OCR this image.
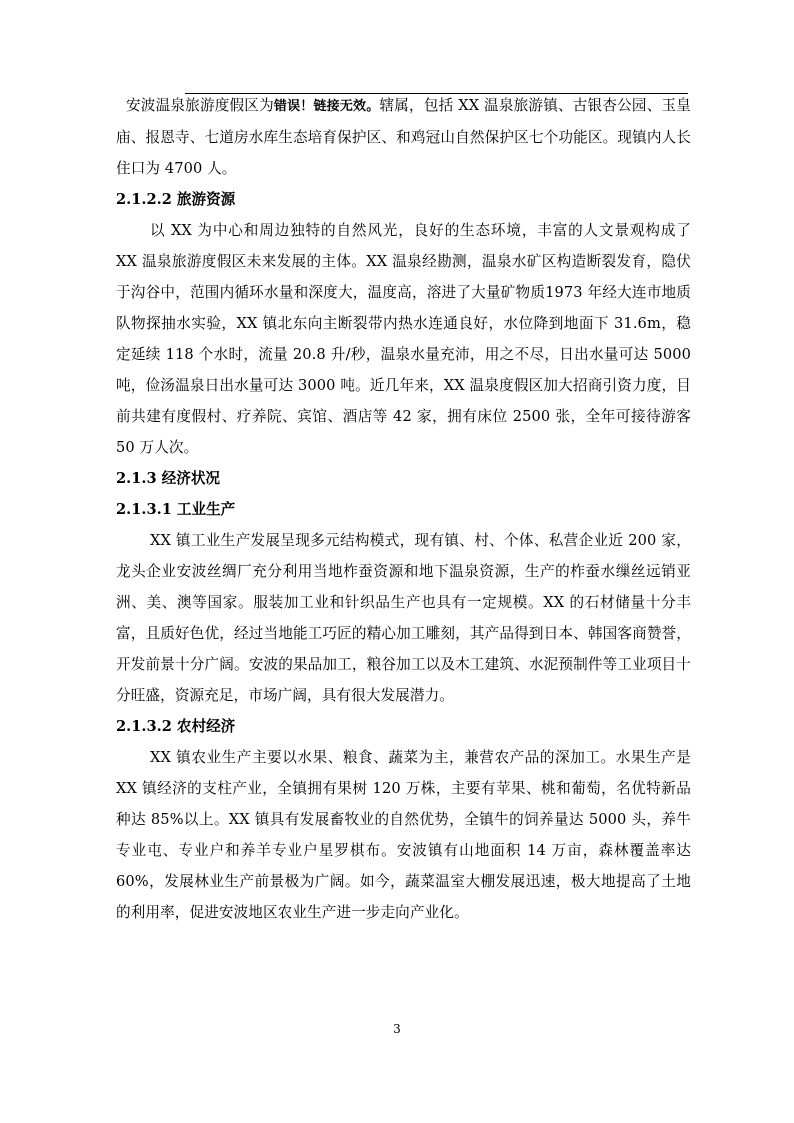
安波温泉旅游度假区为错误！链接无效。辖属，包括 XX 温泉旅游镇、古银杏公园、玉皇庙、报恩寺、七道房水库生态培育保护区、和鸡冠山自然保护区七个功能区。现镇内人长住口为 4700 人。

2.1.2.2 旅游资源

以 XX 为中心和周边独特的自然风光，良好的生态环境，丰富的人文景观构成了 XX 温泉旅游度假区未来发展的主体。XX 温泉经勘测，温泉水矿区构造断裂发育，隐伏于沟谷中，范围内循环水量和深度大，温度高，溶进了大量矿物质1973 年经大连市地质队物探抽水实验，XX 镇北东向主断裂带内热水连通良好，水位降到地面下 31.6m，稳定延续 118 个水时，流量 20.8 升/秒，温泉水量充沛，用之不尽，日出水量可达 5000 吨，俭汤温泉日出水量可达 3000 吨。近几年来，XX 温泉度假区加大招商引资力度，目前共建有度假村、疗养院、宾馆、酒店等 42 家，拥有床位 2500 张，全年可接待游客 50 万人次。

2.1.3 经济状况

2.1.3.1 工业生产

XX 镇工业生产发展呈现多元结构模式，现有镇、村、个体、私营企业近 200 家，龙头企业安波丝绸厂充分利用当地柞蚕资源和地下温泉资源，生产的柞蚕水缫丝远销亚洲、美、澳等国家。服装加工业和针织品生产也具有一定规模。XX 的石材储量十分丰富，且质好色优，经过当地能工巧匠的精心加工雕刻，其产品得到日本、韩国客商赞誉，开发前景十分广阔。安波的果品加工，粮谷加工以及木工建筑、水泥预制件等工业项目十分旺盛，资源充足，市场广阔，具有很大发展潜力。

2.1.3.2 农村经济

XX 镇农业生产主要以水果、粮食、蔬菜为主，兼营农产品的深加工。水果生产是 XX 镇经济的支柱产业，全镇拥有果树 120 万株，主要有苹果、桃和葡萄，名优特新品种达 85%以上。XX 镇具有发展畜牧业的自然优势，全镇牛的饲养量达 5000 头，养牛专业屯、专业户和养羊专业户星罗棋布。安波镇有山地面积 14 万亩，森林覆盖率达 60%，发展林业生产前景极为广阔。如今，蔬菜温室大棚发展迅速，极大地提高了土地的利用率，促进安波地区农业生产进一步走向产业化。

3
